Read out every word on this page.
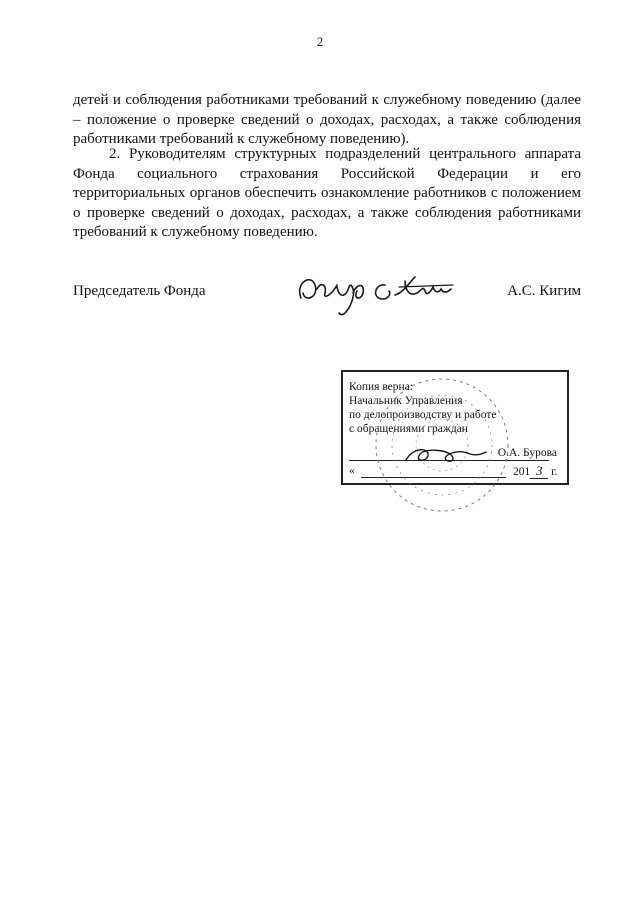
2
детей и соблюдения работниками требований к служебному поведению (далее – положение о проверке сведений о доходах, расходах, а также соблюдения работниками требований к служебному поведению).
2. Руководителям структурных подразделений центрального аппарата Фонда социального страхования Российской Федерации и его территориальных органов обеспечить ознакомление работников с положением о проверке сведений о доходах, расходах, а также соблюдения работниками требований к служебному поведению.
Председатель Фонда	А.С. Кигим
Копия верна:
Начальник Управления
по делопроизводству и работе
с обращениями граждан
О.А. Бурова
«	201 3 г.
